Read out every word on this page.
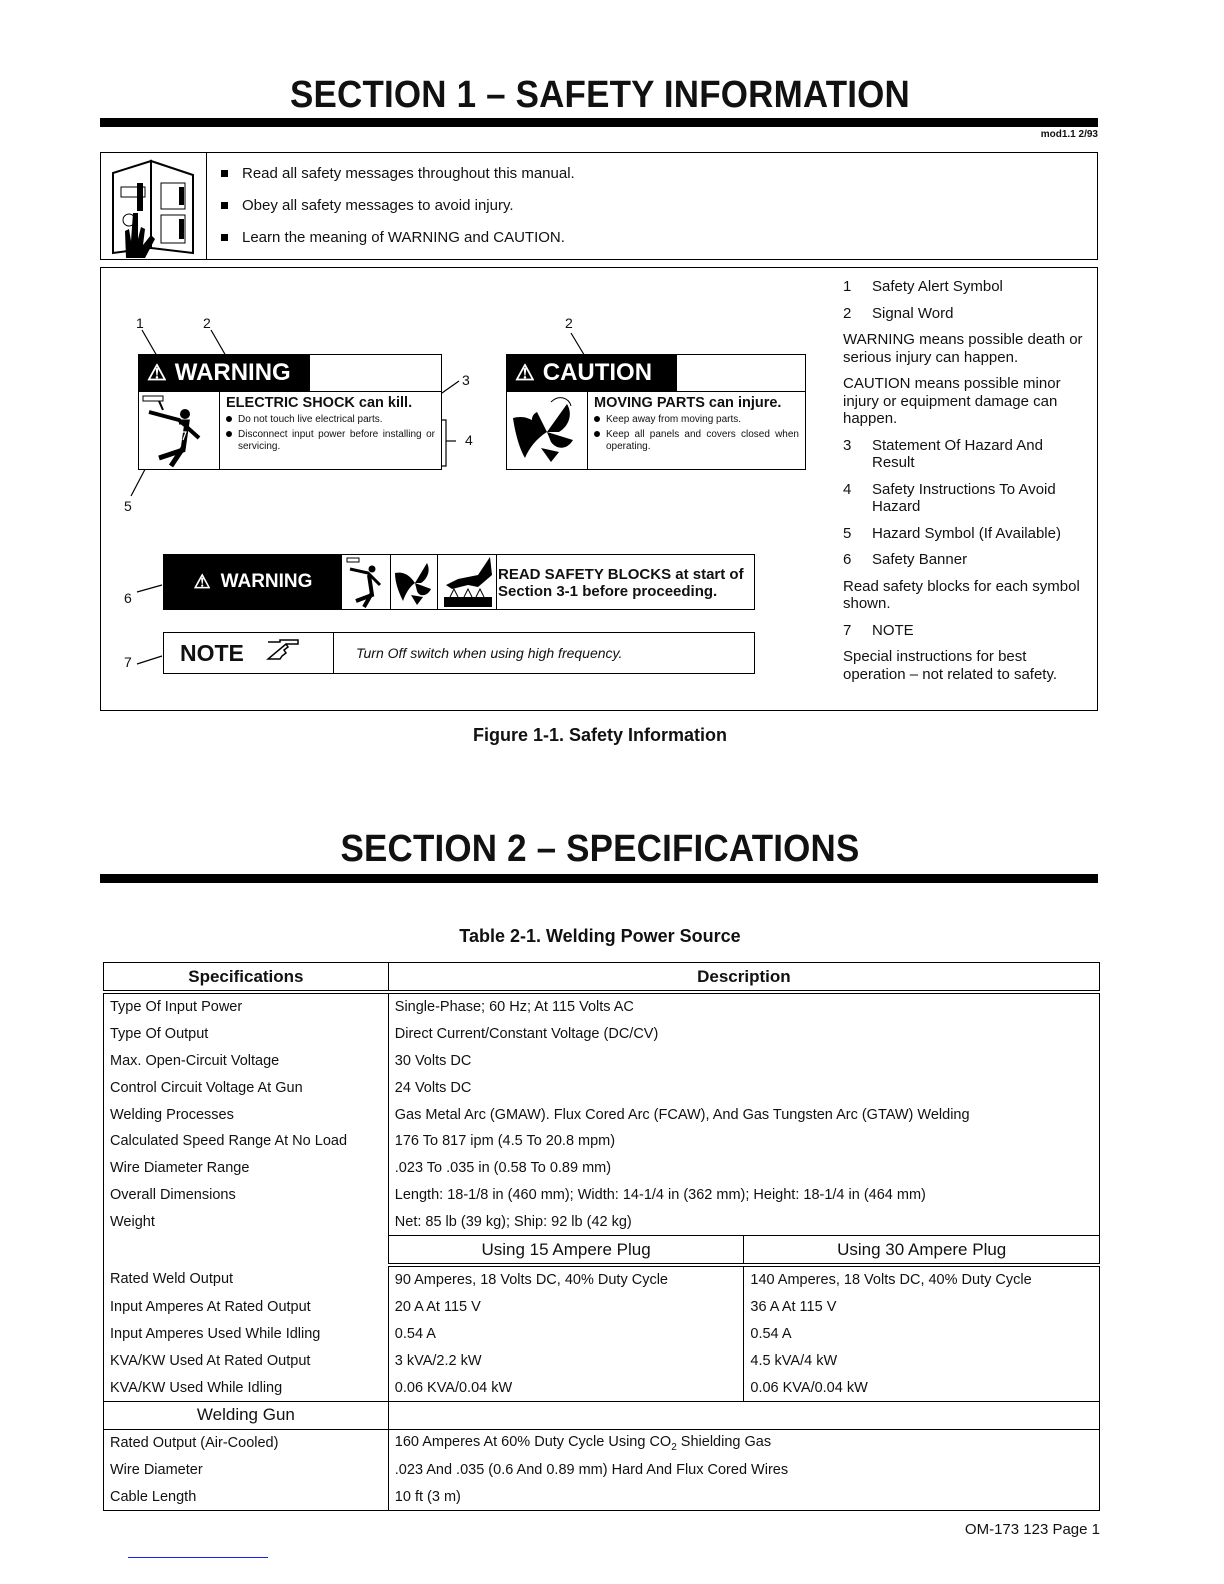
SECTION 1 – SAFETY INFORMATION
mod1.1 2/93
Read all safety messages throughout this manual.
Obey all safety messages to avoid injury.
Learn the meaning of WARNING and CAUTION.
1	2	2
3
4
5
6
7
⚠ WARNING
ELECTRIC SHOCK can kill.
Do not touch live electrical parts.
Disconnect input power before installing or servicing.
⚠ CAUTION
MOVING PARTS can injure.
Keep away from moving parts.
Keep all panels and covers closed when operating.
1	Safety Alert Symbol
2	Signal Word
WARNING means possible death or serious injury can happen.
CAUTION means possible minor injury or equipment damage can happen.
3	Statement Of Hazard And Result
4	Safety Instructions To Avoid Hazard
5	Hazard Symbol (If Available)
6	Safety Banner
Read safety blocks for each symbol shown.
7	NOTE
Special instructions for best operation – not related to safety.
⚠ WARNING	READ SAFETY BLOCKS at start of
Section 3-1 before proceeding.
NOTE	Turn Off switch when using high frequency.
Figure 1-1. Safety Information
SECTION 2 – SPECIFICATIONS
Table 2-1. Welding Power Source
Specifications	Description	
Type Of Input Power	Single-Phase; 60 Hz; At 115 Volts AC	
Type Of Output	Direct Current/Constant Voltage (DC/CV)	
Max. Open-Circuit Voltage	30 Volts DC	
Control Circuit Voltage At Gun	24 Volts DC	
Welding Processes	Gas Metal Arc (GMAW). Flux Cored Arc (FCAW), And Gas Tungsten Arc (GTAW) Welding	
Calculated Speed Range At No Load	176 To 817 ipm (4.5 To 20.8 mpm)	
Wire Diameter Range	.023 To .035 in (0.58 To 0.89 mm)	
Overall Dimensions	Length: 18-1/8 in (460 mm); Width: 14-1/4 in (362 mm); Height: 18-1/4 in (464 mm)	
Weight	Net: 85 lb (39 kg); Ship: 92 lb (42 kg)	
	Using 15 Ampere Plug	Using 30 Ampere Plug
Rated Weld Output	90 Amperes, 18 Volts DC, 40% Duty Cycle	140 Amperes, 18 Volts DC, 40% Duty Cycle
Input Amperes At Rated Output	20 A At 115 V	36 A At 115 V
Input Amperes Used While Idling	0.54 A	0.54 A
KVA/KW Used At Rated Output	3 kVA/2.2 kW	4.5 kVA/4 kW
KVA/KW Used While Idling	0.06 KVA/0.04 kW	0.06 KVA/0.04 kW
Welding Gun		
Rated Output (Air-Cooled)	160 Amperes At 60% Duty Cycle Using $CO_2$ Shielding Gas	
Wire Diameter	.023 And .035 (0.6 And 0.89 mm) Hard And Flux Cored Wires	
Cable Length	10 ft (3 m)	
OM-173 123 Page 1
